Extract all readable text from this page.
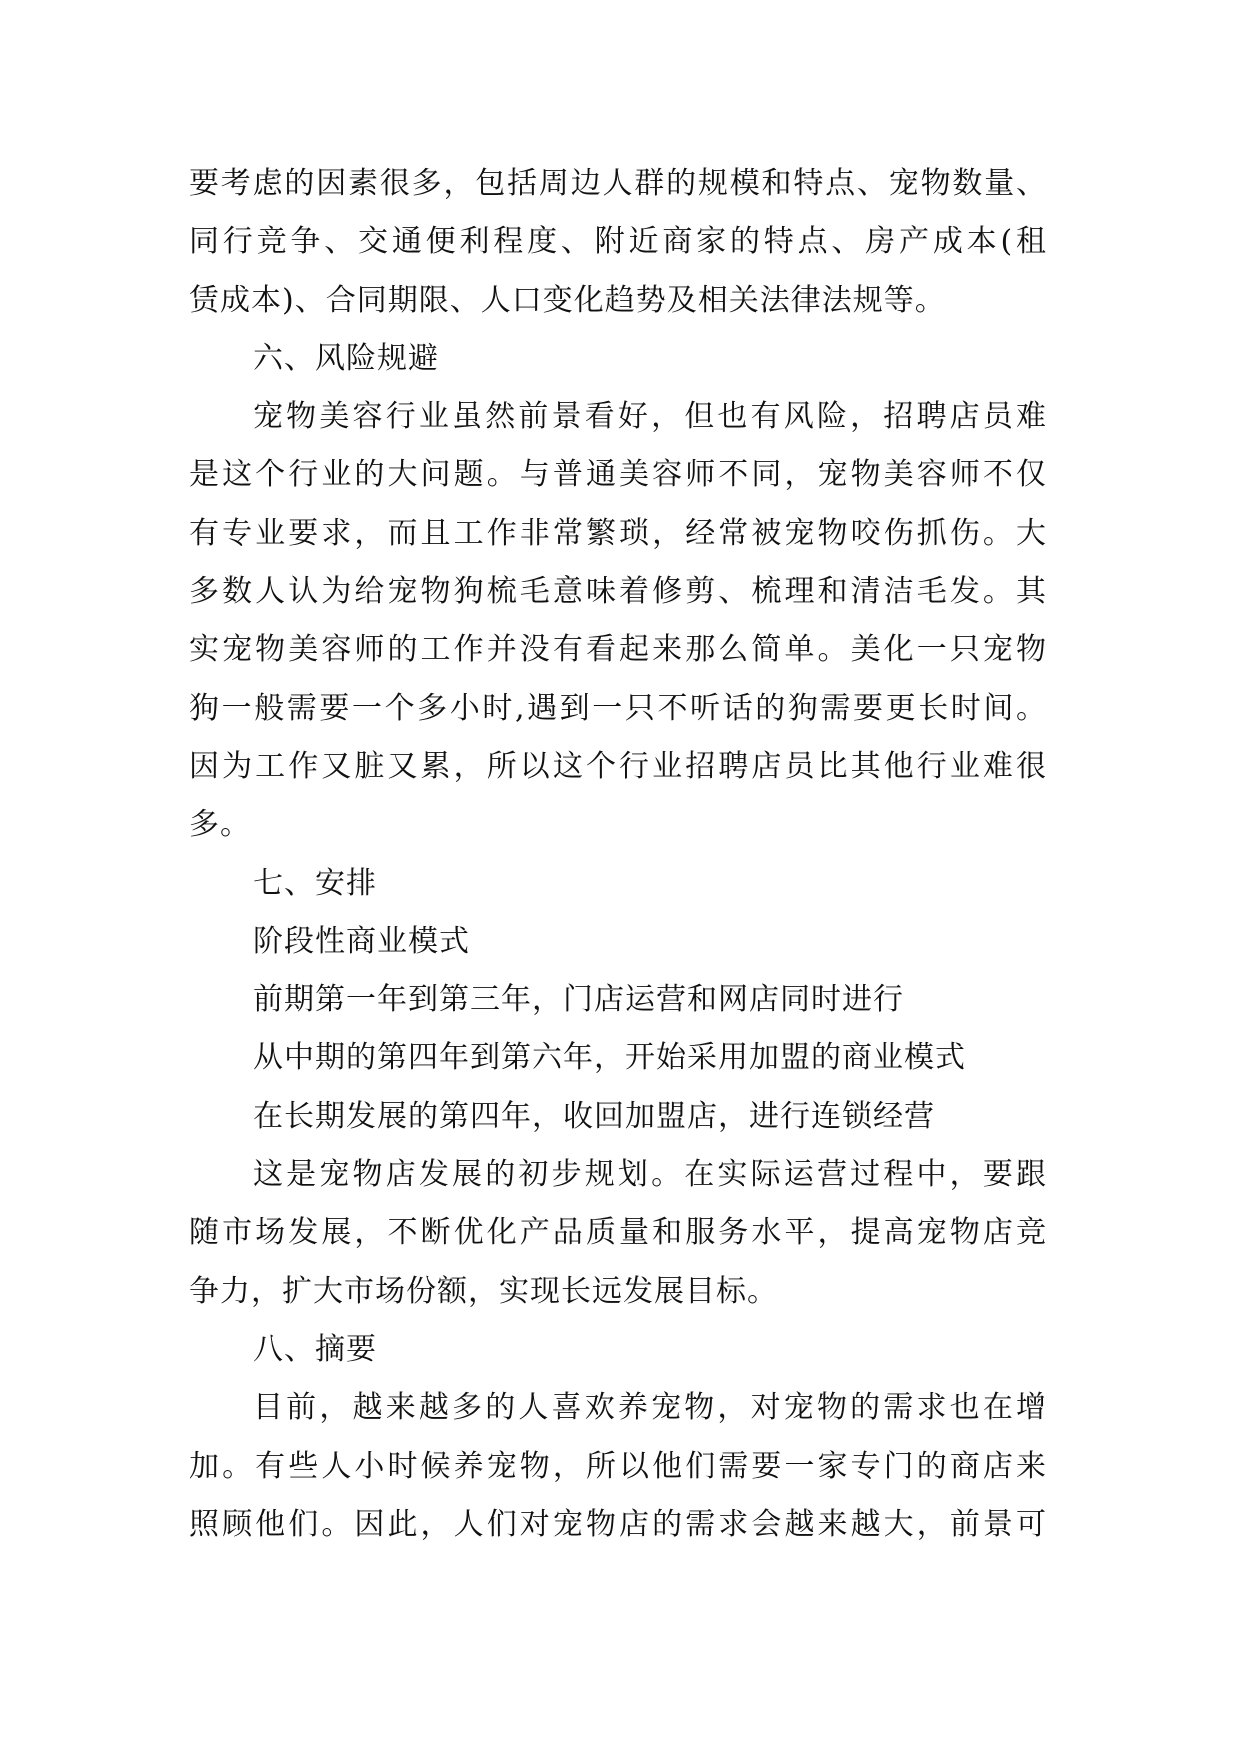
要考虑的因素很多，包括周边人群的规模和特点、宠物数量、
同行竞争、交通便利程度、附近商家的特点、房产成本(租
赁成本)、合同期限、人口变化趋势及相关法律法规等。
六、风险规避
宠物美容行业虽然前景看好，但也有风险，招聘店员难
是这个行业的大问题。与普通美容师不同，宠物美容师不仅
有专业要求，而且工作非常繁琐，经常被宠物咬伤抓伤。大
多数人认为给宠物狗梳毛意味着修剪、梳理和清洁毛发。其
实宠物美容师的工作并没有看起来那么简单。美化一只宠物
狗一般需要一个多小时,遇到一只不听话的狗需要更长时间。
因为工作又脏又累，所以这个行业招聘店员比其他行业难很
多。
七、安排
阶段性商业模式
前期第一年到第三年，门店运营和网店同时进行
从中期的第四年到第六年，开始采用加盟的商业模式
在长期发展的第四年，收回加盟店，进行连锁经营
这是宠物店发展的初步规划。在实际运营过程中，要跟
随市场发展，不断优化产品质量和服务水平，提高宠物店竞
争力，扩大市场份额，实现长远发展目标。
八、摘要
目前，越来越多的人喜欢养宠物，对宠物的需求也在增
加。有些人小时候养宠物，所以他们需要一家专门的商店来
照顾他们。因此，人们对宠物店的需求会越来越大，前景可
